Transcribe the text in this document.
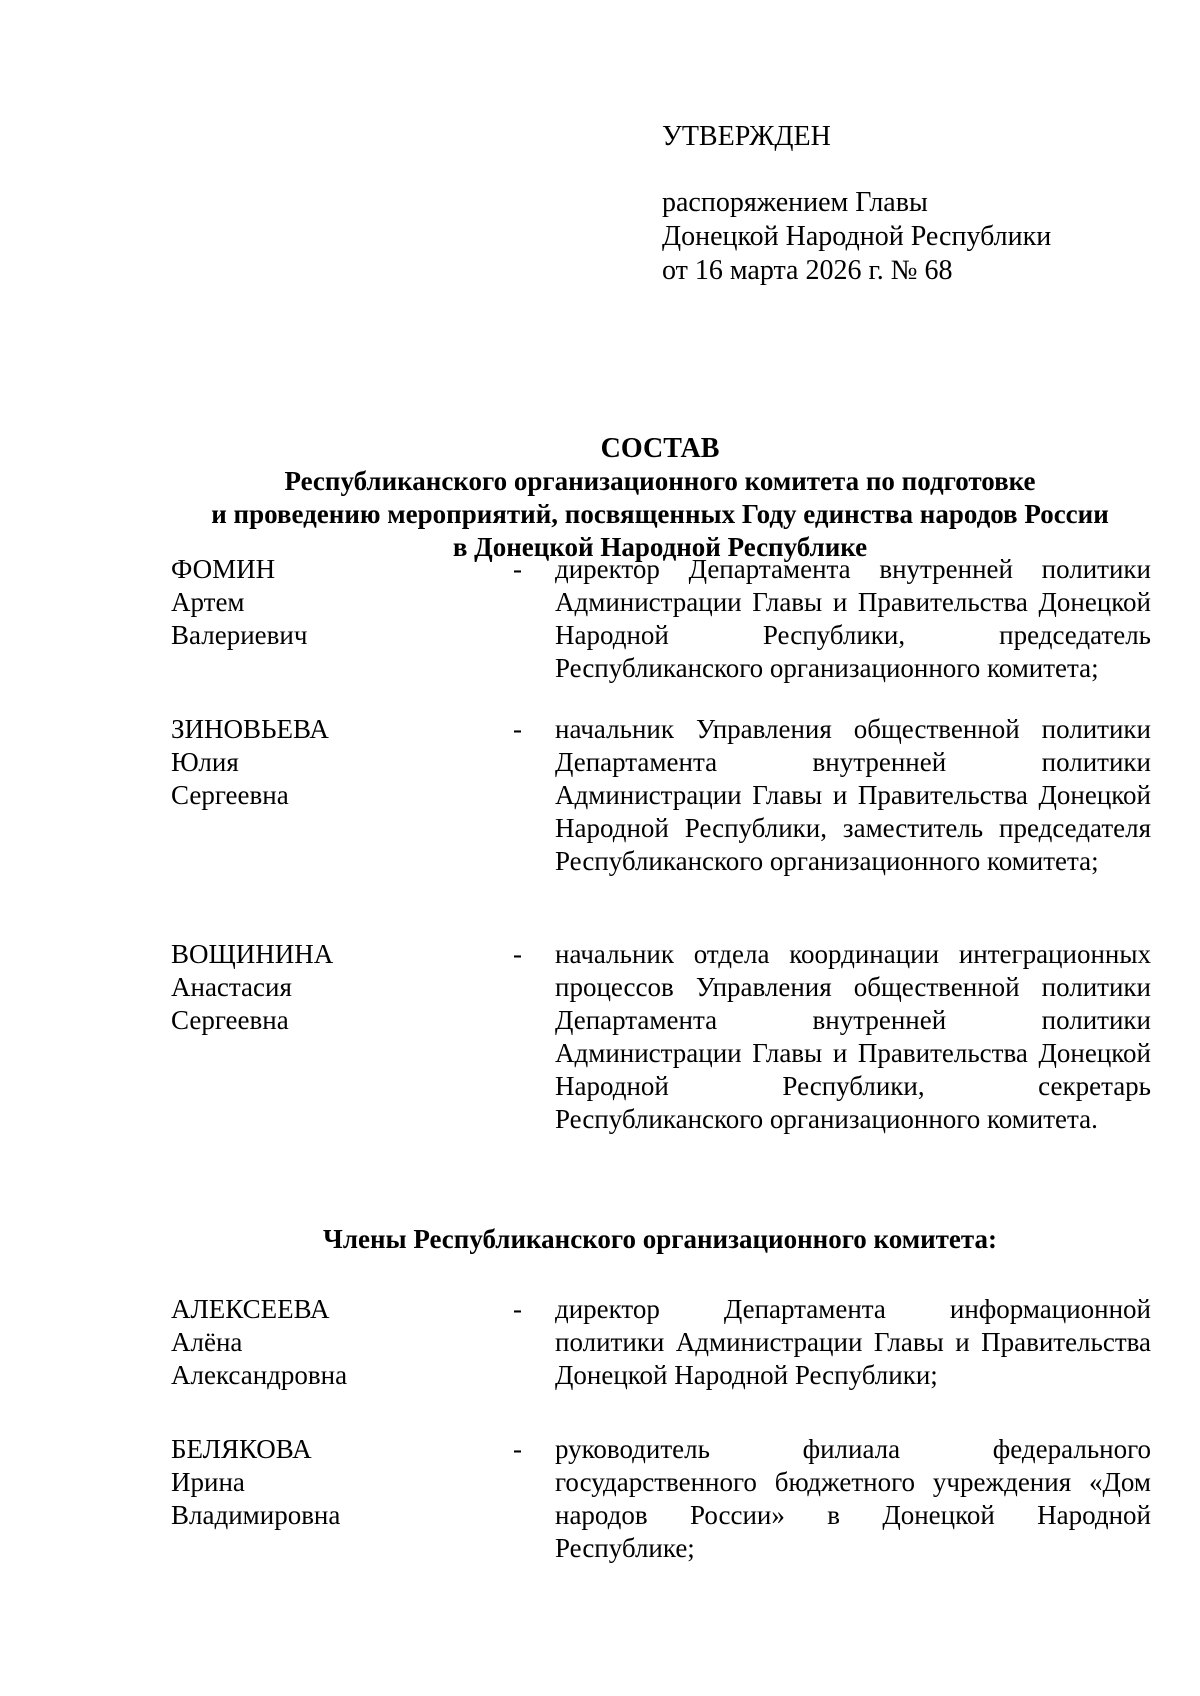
УТВЕРЖДЕН
распоряжением Главы
Донецкой Народной Республики
от 16 марта 2026 г. № 68
СОСТАВ
Республиканского организационного комитета по подготовке
и проведению мероприятий, посвященных Году единства народов России
в Донецкой Народной Республике
ФОМИН
Артем
Валериевич
- директор Департамента внутренней политики Администрации Главы и Правительства Донецкой Народной Республики, председатель Республиканского организационного комитета;
ЗИНОВЬЕВА
Юлия
Сергеевна
- начальник Управления общественной политики Департамента внутренней политики Администрации Главы и Правительства Донецкой Народной Республики, заместитель председателя Республиканского организационного комитета;
ВОЩИНИНА
Анастасия
Сергеевна
- начальник отдела координации интеграционных процессов Управления общественной политики Департамента внутренней политики Администрации Главы и Правительства Донецкой Народной Республики, секретарь Республиканского организационного комитета.
Члены Республиканского организационного комитета:
АЛЕКСЕЕВА
Алёна
Александровна
- директор Департамента информационной политики Администрации Главы и Правительства Донецкой Народной Республики;
БЕЛЯКОВА
Ирина
Владимировна
- руководитель филиала федерального государственного бюджетного учреждения «Дом народов России» в Донецкой Народной Республике;
